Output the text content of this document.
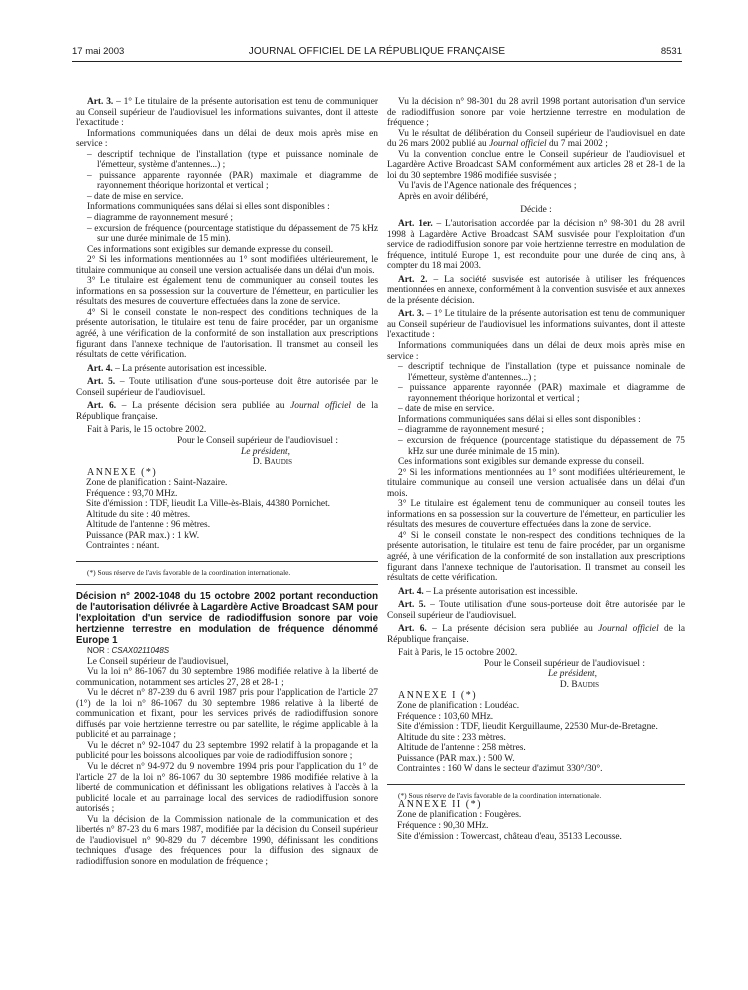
17 mai 2003	JOURNAL OFFICIEL DE LA RÉPUBLIQUE FRANÇAISE	8531

Art. 3. – 1° Le titulaire de la présente autorisation est tenu de communiquer au Conseil supérieur de l'audiovisuel les informations suivantes, dont il atteste l'exactitude :

Informations communiquées dans un délai de deux mois après mise en service :

– descriptif technique de l'installation (type et puissance nominale de l'émetteur, système d'antennes...) ;

– puissance apparente rayonnée (PAR) maximale et diagramme de rayonnement théorique horizontal et vertical ;

– date de mise en service.

Informations communiquées sans délai si elles sont disponibles :

– diagramme de rayonnement mesuré ;

– excursion de fréquence (pourcentage statistique du dépassement de 75 kHz sur une durée minimale de 15 min).

Ces informations sont exigibles sur demande expresse du conseil.

2° Si les informations mentionnées au 1° sont modifiées ultérieurement, le titulaire communique au conseil une version actualisée dans un délai d'un mois.

3° Le titulaire est également tenu de communiquer au conseil toutes les informations en sa possession sur la couverture de l'émetteur, en particulier les résultats des mesures de couverture effectuées dans la zone de service.

4° Si le conseil constate le non-respect des conditions techniques de la présente autorisation, le titulaire est tenu de faire procéder, par un organisme agréé, à une vérification de la conformité de son installation aux prescriptions figurant dans l'annexe technique de l'autorisation. Il transmet au conseil les résultats de cette vérification.

Art. 4. – La présente autorisation est incessible.

Art. 5. – Toute utilisation d'une sous-porteuse doit être autorisée par le Conseil supérieur de l'audiovisuel.

Art. 6. – La présente décision sera publiée au Journal officiel de la République française.

Fait à Paris, le 15 octobre 2002.

Pour le Conseil supérieur de l'audiovisuel :

Le président,

D. Baudis

ANNEXE (*)

Zone de planification : Saint-Nazaire.

Fréquence : 93,70 MHz.

Site d'émission : TDF, lieudit La Ville-ès-Blais, 44380 Pornichet.

Altitude du site : 40 mètres.

Altitude de l'antenne : 96 mètres.

Puissance (PAR max.) : 1 kW.

Contraintes : néant.

(*) Sous réserve de l'avis favorable de la coordination internationale.

Décision n° 2002-1048 du 15 octobre 2002 portant reconduction de l'autorisation délivrée à Lagardère Active Broadcast SAM pour l'exploitation d'un service de radiodiffusion sonore par voie hertzienne terrestre en modulation de fréquence dénommé Europe 1

NOR : CSAX0211048S

Le Conseil supérieur de l'audiovisuel,

Vu la loi n° 86-1067 du 30 septembre 1986 modifiée relative à la liberté de communication, notamment ses articles 27, 28 et 28-1 ;

Vu le décret n° 87-239 du 6 avril 1987 pris pour l'application de l'article 27 (1°) de la loi n° 86-1067 du 30 septembre 1986 relative à la liberté de communication et fixant, pour les services privés de radiodiffusion sonore diffusés par voie hertzienne terrestre ou par satellite, le régime applicable à la publicité et au parrainage ;

Vu le décret n° 92-1047 du 23 septembre 1992 relatif à la propagande et la publicité pour les boissons alcooliques par voie de radiodiffusion sonore ;

Vu le décret n° 94-972 du 9 novembre 1994 pris pour l'application du 1° de l'article 27 de la loi n° 86-1067 du 30 septembre 1986 modifiée relative à la liberté de communication et définissant les obligations relatives à l'accès à la publicité locale et au parrainage local des services de radiodiffusion sonore autorisés ;

Vu la décision de la Commission nationale de la communication et des libertés n° 87-23 du 6 mars 1987, modifiée par la décision du Conseil supérieur de l'audiovisuel n° 90-829 du 7 décembre 1990, définissant les conditions techniques d'usage des fréquences pour la diffusion des signaux de radiodiffusion sonore en modulation de fréquence ;

Vu la décision n° 98-301 du 28 avril 1998 portant autorisation d'un service de radiodiffusion sonore par voie hertzienne terrestre en modulation de fréquence ;

Vu le résultat de délibération du Conseil supérieur de l'audiovisuel en date du 26 mars 2002 publié au Journal officiel du 7 mai 2002 ;

Vu la convention conclue entre le Conseil supérieur de l'audiovisuel et Lagardère Active Broadcast SAM conformément aux articles 28 et 28-1 de la loi du 30 septembre 1986 modifiée susvisée ;

Vu l'avis de l'Agence nationale des fréquences ;

Après en avoir délibéré,

Décide :

Art. 1er. – L'autorisation accordée par la décision n° 98-301 du 28 avril 1998 à Lagardère Active Broadcast SAM susvisée pour l'exploitation d'un service de radiodiffusion sonore par voie hertzienne terrestre en modulation de fréquence, intitulé Europe 1, est reconduite pour une durée de cinq ans, à compter du 18 mai 2003.

Art. 2. – La société susvisée est autorisée à utiliser les fréquences mentionnées en annexe, conformément à la convention susvisée et aux annexes de la présente décision.

Art. 3. – 1° Le titulaire de la présente autorisation est tenu de communiquer au Conseil supérieur de l'audiovisuel les informations suivantes, dont il atteste l'exactitude :

Informations communiquées dans un délai de deux mois après mise en service :

– descriptif technique de l'installation (type et puissance nominale de l'émetteur, système d'antennes...) ;

– puissance apparente rayonnée (PAR) maximale et diagramme de rayonnement théorique horizontal et vertical ;

– date de mise en service.

Informations communiquées sans délai si elles sont disponibles :

– diagramme de rayonnement mesuré ;

– excursion de fréquence (pourcentage statistique du dépassement de 75 kHz sur une durée minimale de 15 min).

Ces informations sont exigibles sur demande expresse du conseil.

2° Si les informations mentionnées au 1° sont modifiées ultérieurement, le titulaire communique au conseil une version actualisée dans un délai d'un mois.

3° Le titulaire est également tenu de communiquer au conseil toutes les informations en sa possession sur la couverture de l'émetteur, en particulier les résultats des mesures de couverture effectuées dans la zone de service.

4° Si le conseil constate le non-respect des conditions techniques de la présente autorisation, le titulaire est tenu de faire procéder, par un organisme agréé, à une vérification de la conformité de son installation aux prescriptions figurant dans l'annexe technique de l'autorisation. Il transmet au conseil les résultats de cette vérification.

Art. 4. – La présente autorisation est incessible.

Art. 5. – Toute utilisation d'une sous-porteuse doit être autorisée par le Conseil supérieur de l'audiovisuel.

Art. 6. – La présente décision sera publiée au Journal officiel de la République française.

Fait à Paris, le 15 octobre 2002.

Pour le Conseil supérieur de l'audiovisuel :

Le président,

D. Baudis

ANNEXE I (*)

Zone de planification : Loudéac.

Fréquence : 103,60 MHz.

Site d'émission : TDF, lieudit Kerguillaume, 22530 Mur-de-Bretagne.

Altitude du site : 233 mètres.

Altitude de l'antenne : 258 mètres.

Puissance (PAR max.) : 500 W.

Contraintes : 160 W dans le secteur d'azimut 330°/30°.

(*) Sous réserve de l'avis favorable de la coordination internationale.

ANNEXE II (*)

Zone de planification : Fougères.

Fréquence : 90,30 MHz.

Site d'émission : Towercast, château d'eau, 35133 Lecousse.
